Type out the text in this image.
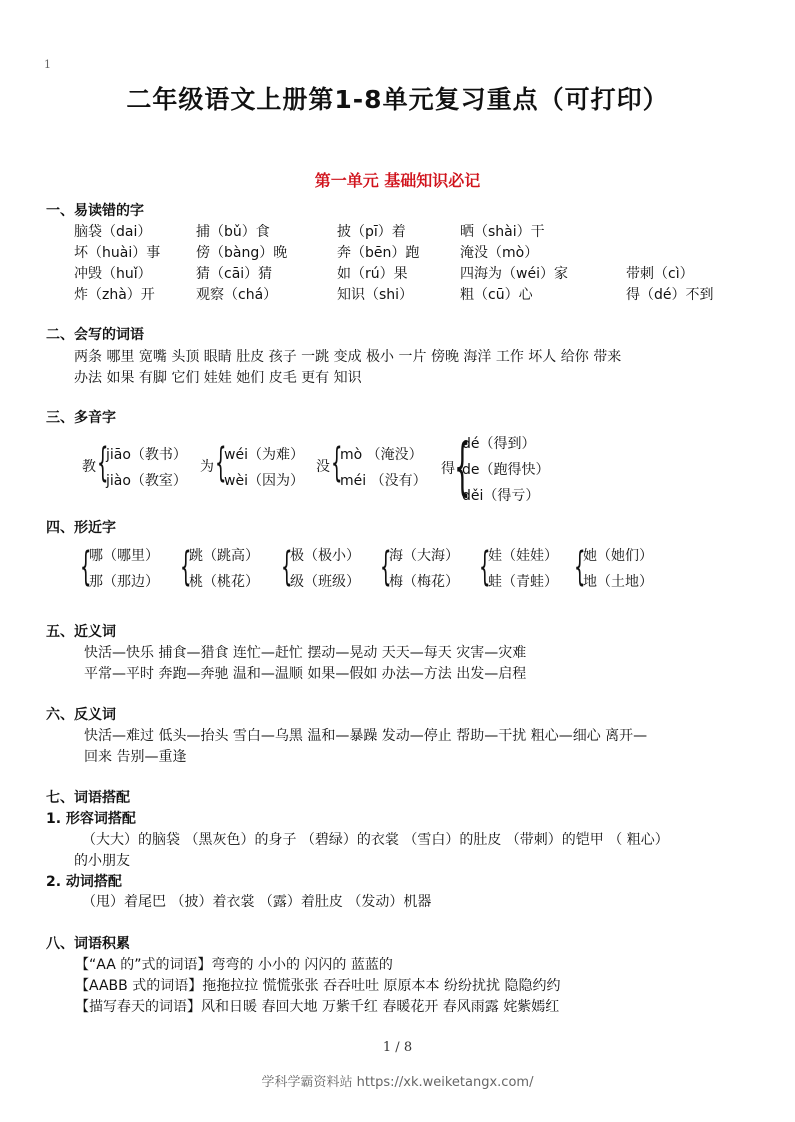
1
二年级语文上册第1-8单元复习重点（可打印）
第一单元 基础知识必记
一、易读错的字
脑袋（dai）	捕（bǔ）食	披（pī）着	晒（shài）干
坏（huài）事	傍（bàng）晚	奔（bēn）跑	淹没（mò）
冲毁（huǐ）	猜（cāi）猜	如（rú）果	四海为（wéi）家	带刺（cì）
炸（zhà）开	观察（chá）	知识（shi）	粗（cū）心	得（dé）不到
二、会写的词语
两条 哪里 宽嘴 头顶 眼睛 肚皮 孩子 一跳 变成 极小 一片 傍晚 海洋 工作 坏人 给你 带来
办法 如果 有脚 它们 娃娃 她们 皮毛 更有 知识
三、多音字
教 {
jiāo（教书）
jiào（教室）
为 {
wéi（为难）
wèi（因为）
没 {
mò （淹没）
méi （没有）
得 {
dé（得到）
de（跑得快）
děi（得亏）
四、形近字
{
哪（哪里）
那（那边） {
跳（跳高）
桃（桃花） {
极（极小）
级（班级） {
海（大海）
梅（梅花） {
娃（娃娃）
蛙（青蛙） {
她（她们）
地（土地）
五、近义词
快活—快乐 捕食—猎食 连忙—赶忙 摆动—晃动 天天—每天 灾害—灾难
平常—平时 奔跑—奔驰 温和—温顺 如果—假如 办法—方法 出发—启程
六、反义词
快活—难过 低头—抬头 雪白—乌黑 温和—暴躁 发动—停止 帮助—干扰 粗心—细心 离开—
回来 告别—重逢
七、词语搭配
1. 形容词搭配
（大大）的脑袋 （黑灰色）的身子 （碧绿）的衣裳 （雪白）的肚皮 （带刺）的铠甲 （ 粗心）
的小朋友
2. 动词搭配
（甩）着尾巴 （披）着衣裳 （露）着肚皮 （发动）机器
八、词语积累
【“AA 的”式的词语】弯弯的 小小的 闪闪的 蓝蓝的
【AABB 式的词语】拖拖拉拉 慌慌张张 吞吞吐吐 原原本本 纷纷扰扰 隐隐约约
【描写春天的词语】风和日暖 春回大地 万紫千红 春暖花开 春风雨露 姹紫嫣红
1 / 8
学科学霸资料站 https://xk.weiketangx.com/
